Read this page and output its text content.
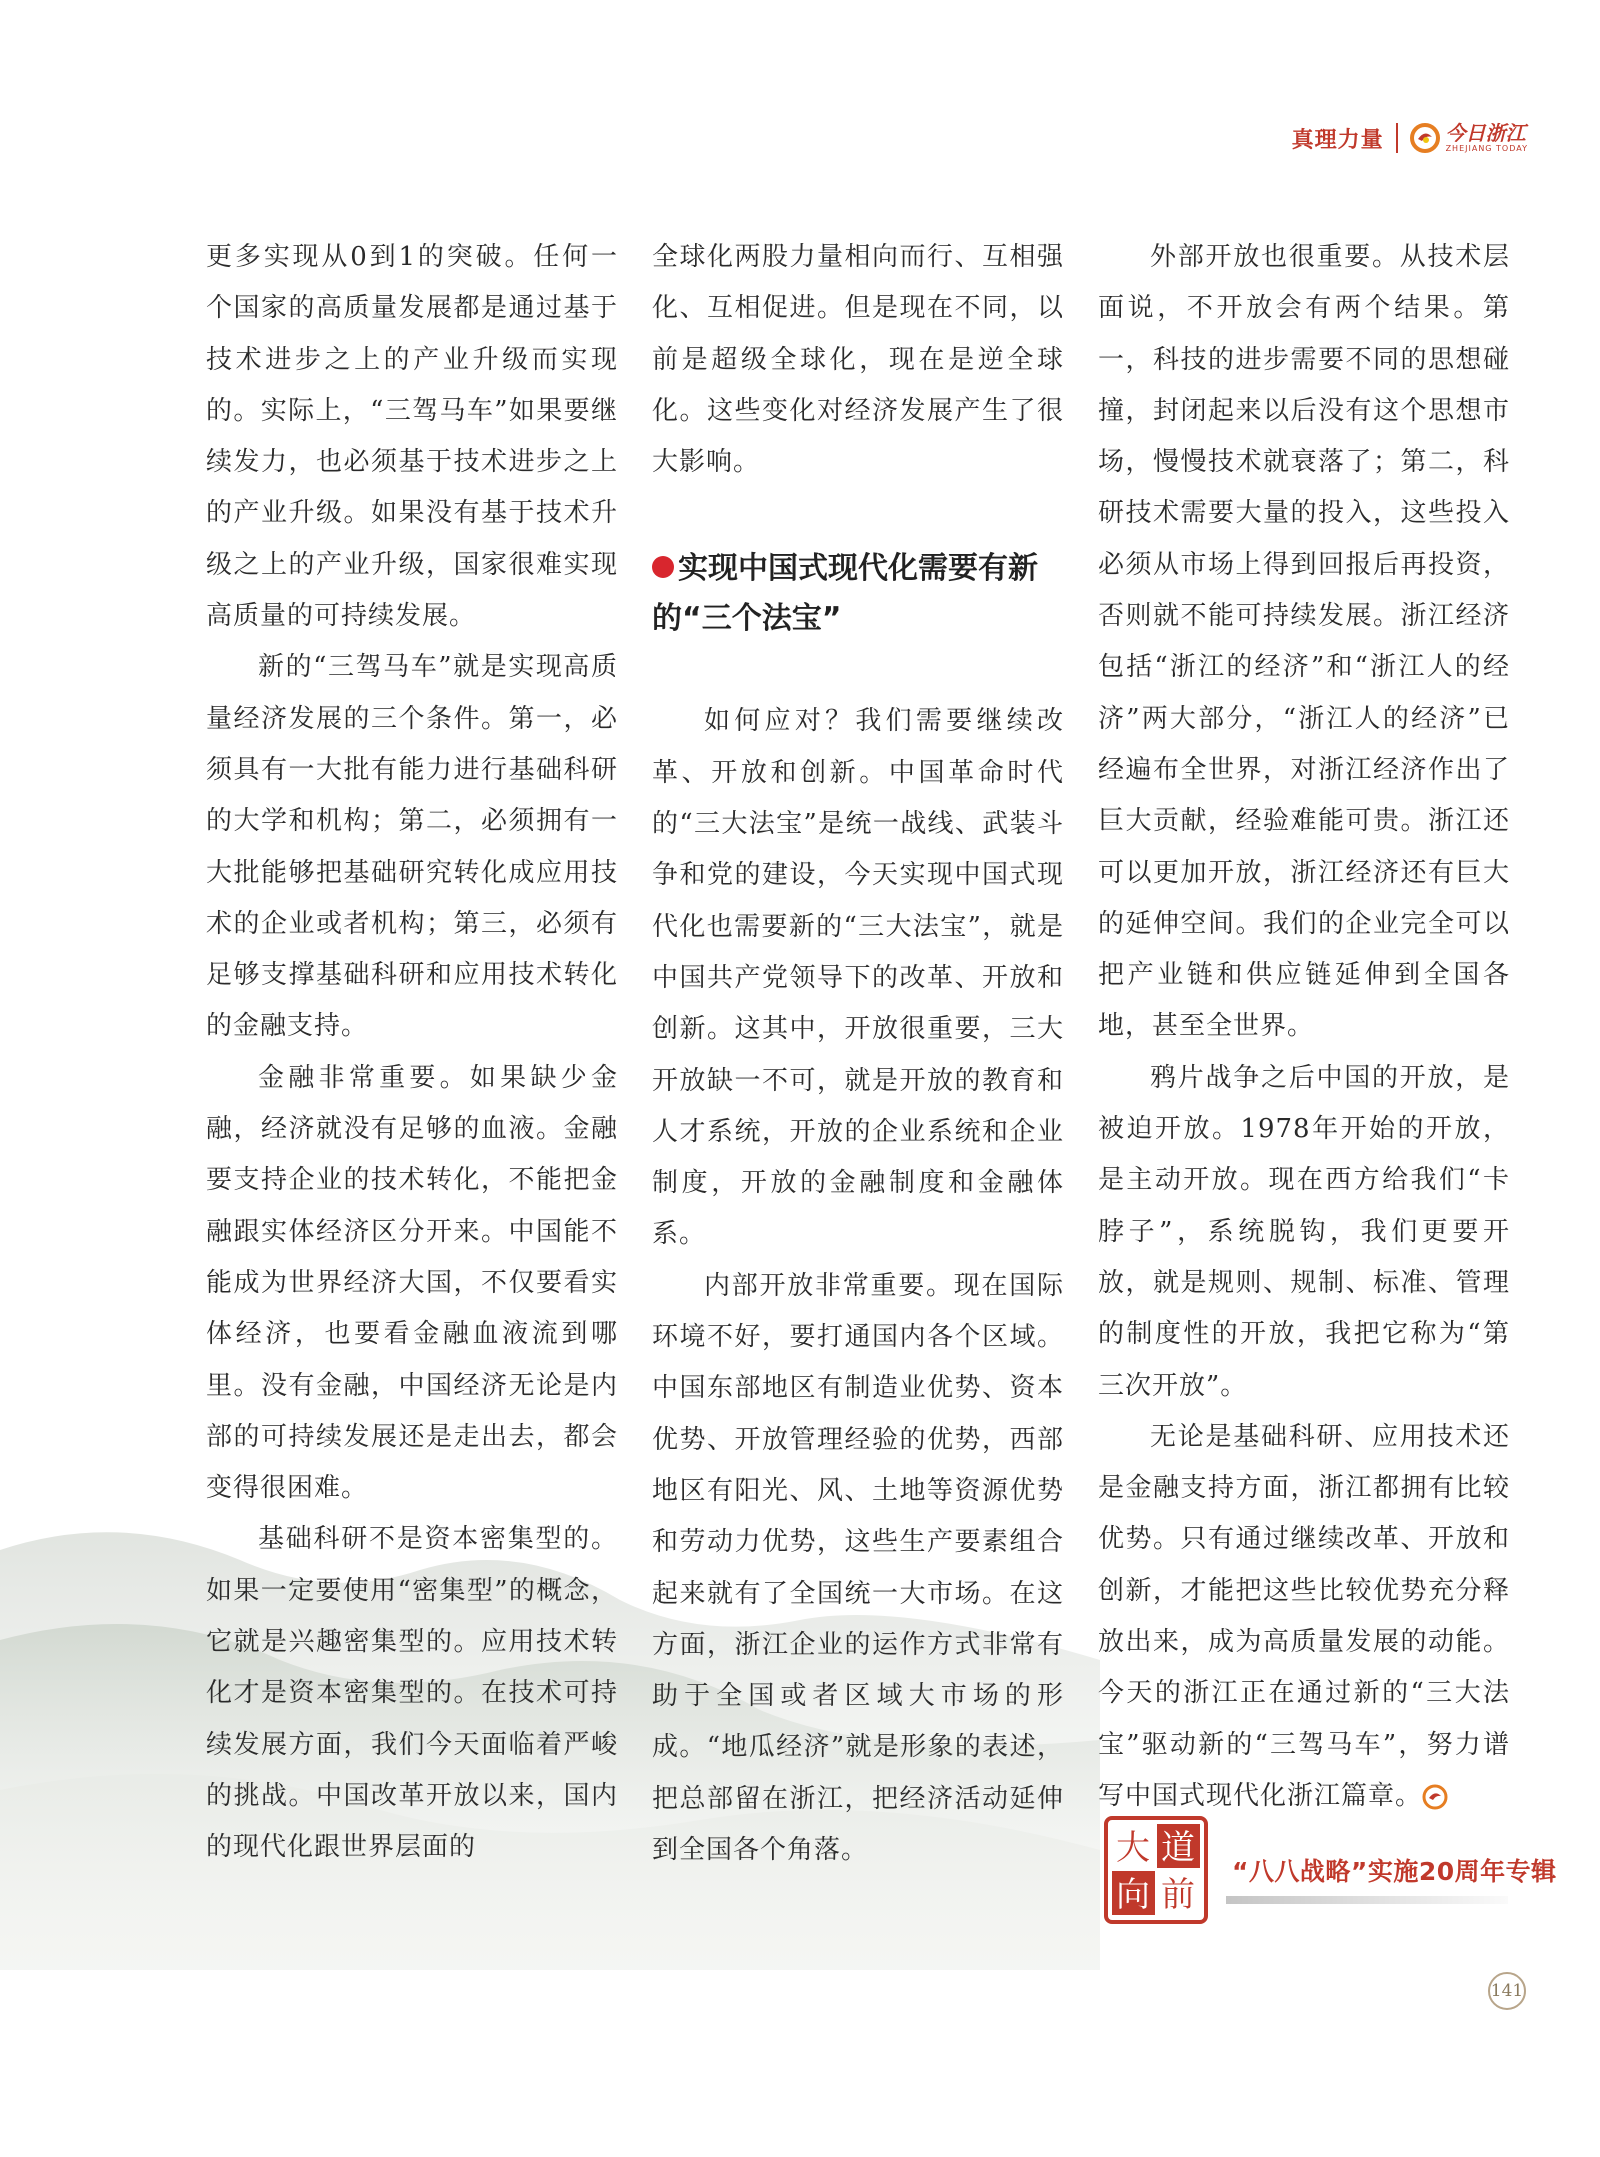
真理力量	今日浙江
ZHEJIANG TODAY

更多实现从0到1的突破。任何一个国家的高质量发展都是通过基于技术进步之上的产业升级而实现的。实际上，“三驾马车”如果要继续发力，也必须基于技术进步之上的产业升级。如果没有基于技术升级之上的产业升级，国家很难实现高质量的可持续发展。

新的“三驾马车”就是实现高质量经济发展的三个条件。第一，必须具有一大批有能力进行基础科研的大学和机构；第二，必须拥有一大批能够把基础研究转化成应用技术的企业或者机构；第三，必须有足够支撑基础科研和应用技术转化的金融支持。

金融非常重要。如果缺少金融，经济就没有足够的血液。金融要支持企业的技术转化，不能把金融跟实体经济区分开来。中国能不能成为世界经济大国，不仅要看实体经济，也要看金融血液流到哪里。没有金融，中国经济无论是内部的可持续发展还是走出去，都会变得很困难。

基础科研不是资本密集型的。如果一定要使用“密集型”的概念，它就是兴趣密集型的。应用技术转化才是资本密集型的。在技术可持续发展方面，我们今天面临着严峻的挑战。中国改革开放以来，国内的现代化跟世界层面的

全球化两股力量相向而行、互相强化、互相促进。但是现在不同，以前是超级全球化，现在是逆全球化。这些变化对经济发展产生了很大影响。

实现中国式现代化需要有新的“三个法宝”

如何应对？我们需要继续改革、开放和创新。中国革命时代的“三大法宝”是统一战线、武装斗争和党的建设，今天实现中国式现代化也需要新的“三大法宝”，就是中国共产党领导下的改革、开放和创新。这其中，开放很重要，三大开放缺一不可，就是开放的教育和人才系统，开放的企业系统和企业制度，开放的金融制度和金融体系。

内部开放非常重要。现在国际环境不好，要打通国内各个区域。中国东部地区有制造业优势、资本优势、开放管理经验的优势，西部地区有阳光、风、土地等资源优势和劳动力优势，这些生产要素组合起来就有了全国统一大市场。在这方面，浙江企业的运作方式非常有助于全国或者区域大市场的形成。“地瓜经济”就是形象的表述，把总部留在浙江，把经济活动延伸到全国各个角落。

外部开放也很重要。从技术层面说，不开放会有两个结果。第一，科技的进步需要不同的思想碰撞，封闭起来以后没有这个思想市场，慢慢技术就衰落了；第二，科研技术需要大量的投入，这些投入必须从市场上得到回报后再投资，否则就不能可持续发展。浙江经济包括“浙江的经济”和“浙江人的经济”两大部分，“浙江人的经济”已经遍布全世界，对浙江经济作出了巨大贡献，经验难能可贵。浙江还可以更加开放，浙江经济还有巨大的延伸空间。我们的企业完全可以把产业链和供应链延伸到全国各地，甚至全世界。

鸦片战争之后中国的开放，是被迫开放。1978年开始的开放，是主动开放。现在西方给我们“卡脖子”，系统脱钩，我们更要开放，就是规则、规制、标准、管理的制度性的开放，我把它称为“第三次开放”。

无论是基础科研、应用技术还是金融支持方面，浙江都拥有比较优势。只有通过继续改革、开放和创新，才能把这些比较优势充分释放出来，成为高质量发展的动能。今天的浙江正在通过新的“三大法宝”驱动新的“三驾马车”，努力谱写中国式现代化浙江篇章。

大 道
向 前
“八八战略”实施20周年专辑
141
